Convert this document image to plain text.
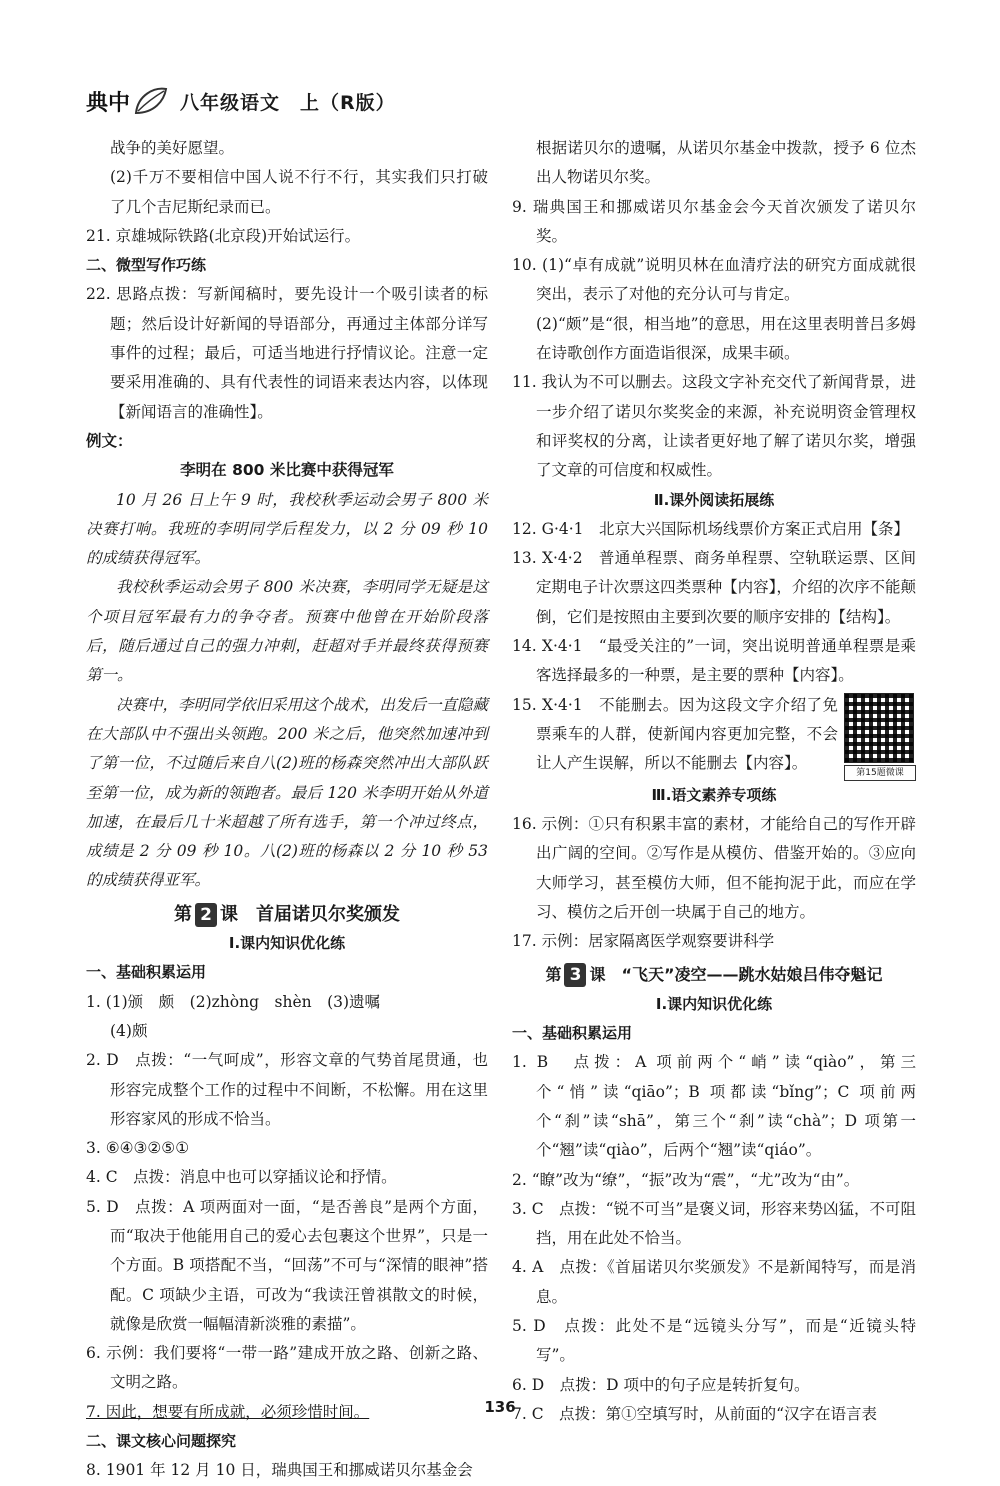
典中	八年级语文　上（R版）

战争的美好愿望。

(2)千万不要相信中国人说不行不行，其实我们只打破了几个吉尼斯纪录而已。

21. 京雄城际铁路(北京段)开始试运行。

二、微型写作巧练

22. 思路点拨：写新闻稿时，要先设计一个吸引读者的标题；然后设计好新闻的导语部分，再通过主体部分详写事件的过程；最后，可适当地进行抒情议论。注意一定要采用准确的、具有代表性的词语来表达内容，以体现【新闻语言的准确性】。

例文：

李明在 800 米比赛中获得冠军

10 月 26 日上午 9 时，我校秋季运动会男子 800 米决赛打响。我班的李明同学后程发力，以 2 分 09 秒 10 的成绩获得冠军。

我校秋季运动会男子 800 米决赛，李明同学无疑是这个项目冠军最有力的争夺者。预赛中他曾在开始阶段落后，随后通过自己的强力冲刺，赶超对手并最终获得预赛第一。

决赛中，李明同学依旧采用这个战术，出发后一直隐藏在大部队中不强出头领跑。200 米之后，他突然加速冲到了第一位，不过随后来自八(2)班的杨森突然冲出大部队跃至第一位，成为新的领跑者。最后 120 米李明开始从外道加速，在最后几十米超越了所有选手，第一个冲过终点，成绩是 2 分 09 秒 10。八(2)班的杨森以 2 分 10 秒 53 的成绩获得亚军。

第 2 课　首届诺贝尔奖颁发

Ⅰ.课内知识优化练

一、基础积累运用

1. (1)颁　颇　(2)zhòng　shèn　(3)遗嘱

(4)颇

2. D　点拨：“一气呵成”，形容文章的气势首尾贯通，也形容完成整个工作的过程中不间断，不松懈。用在这里形容家风的形成不恰当。

3. ⑥④③②⑤①

4. C　点拨：消息中也可以穿插议论和抒情。

5. D　点拨：A 项两面对一面，“是否善良”是两个方面，而“取决于他能用自己的爱心去包裹这个世界”，只是一个方面。B 项搭配不当，“回荡”不可与“深情的眼神”搭配。C 项缺少主语，可改为“我读汪曾祺散文的时候，就像是欣赏一幅幅清新淡雅的素描”。

6. 示例：我们要将“一带一路”建成开放之路、创新之路、文明之路。

7. 因此，想要有所成就，必须珍惜时间。

二、课文核心问题探究

8. 1901 年 12 月 10 日，瑞典国王和挪威诺贝尔基金会

根据诺贝尔的遗嘱，从诺贝尔基金中拨款，授予 6 位杰出人物诺贝尔奖。

9. 瑞典国王和挪威诺贝尔基金会今天首次颁发了诺贝尔奖。

10. (1)“卓有成就”说明贝林在血清疗法的研究方面成就很突出，表示了对他的充分认可与肯定。

(2)“颇”是“很，相当地”的意思，用在这里表明普吕多姆在诗歌创作方面造诣很深，成果丰硕。

11. 我认为不可以删去。这段文字补充交代了新闻背景，进一步介绍了诺贝尔奖奖金的来源，补充说明资金管理权和评奖权的分离，让读者更好地了解了诺贝尔奖，增强了文章的可信度和权威性。

Ⅱ.课外阅读拓展练

12. G·4·1　北京大兴国际机场线票价方案正式启用【条】

13. X·4·2　普通单程票、商务单程票、空轨联运票、区间定期电子计次票这四类票种【内容】，介绍的次序不能颠倒，它们是按照由主要到次要的顺序安排的【结构】。

14. X·4·1　“最受关注的”一词，突出说明普通单程票是乘客选择最多的一种票，是主要的票种【内容】。

第15题微课

15. X·4·1　不能删去。因为这段文字介绍了免票乘车的人群，使新闻内容更加完整，不会让人产生误解，所以不能删去【内容】。

Ⅲ.语文素养专项练

16. 示例：①只有积累丰富的素材，才能给自己的写作开辟出广阔的空间。②写作是从模仿、借鉴开始的。③应向大师学习，甚至模仿大师，但不能拘泥于此，而应在学习、模仿之后开创一块属于自己的地方。

17. 示例：居家隔离医学观察要讲科学

第 3 课　“飞天”凌空——跳水姑娘吕伟夺魁记

Ⅰ.课内知识优化练

一、基础积累运用

1. B　点拨：A 项前两个“峭”读“qiào”，第三个“悄”读“qiāo”；B 项都读“bǐng”；C 项前两个“刹”读“shā”，第三个“刹”读“chà”；D 项第一个“翘”读“qiào”，后两个“翘”读“qiáo”。

2. “瞭”改为“缭”，“振”改为“震”，“尤”改为“由”。

3. C　点拨：“锐不可当”是褒义词，形容来势凶猛，不可阻挡，用在此处不恰当。

4. A　点拨：《首届诺贝尔奖颁发》不是新闻特写，而是消息。

5. D　点拨：此处不是“远镜头分写”，而是“近镜头特写”。

6. D　点拨：D 项中的句子应是转折复句。

7. C　点拨：第①空填写时，从前面的“汉字在语言表

136
